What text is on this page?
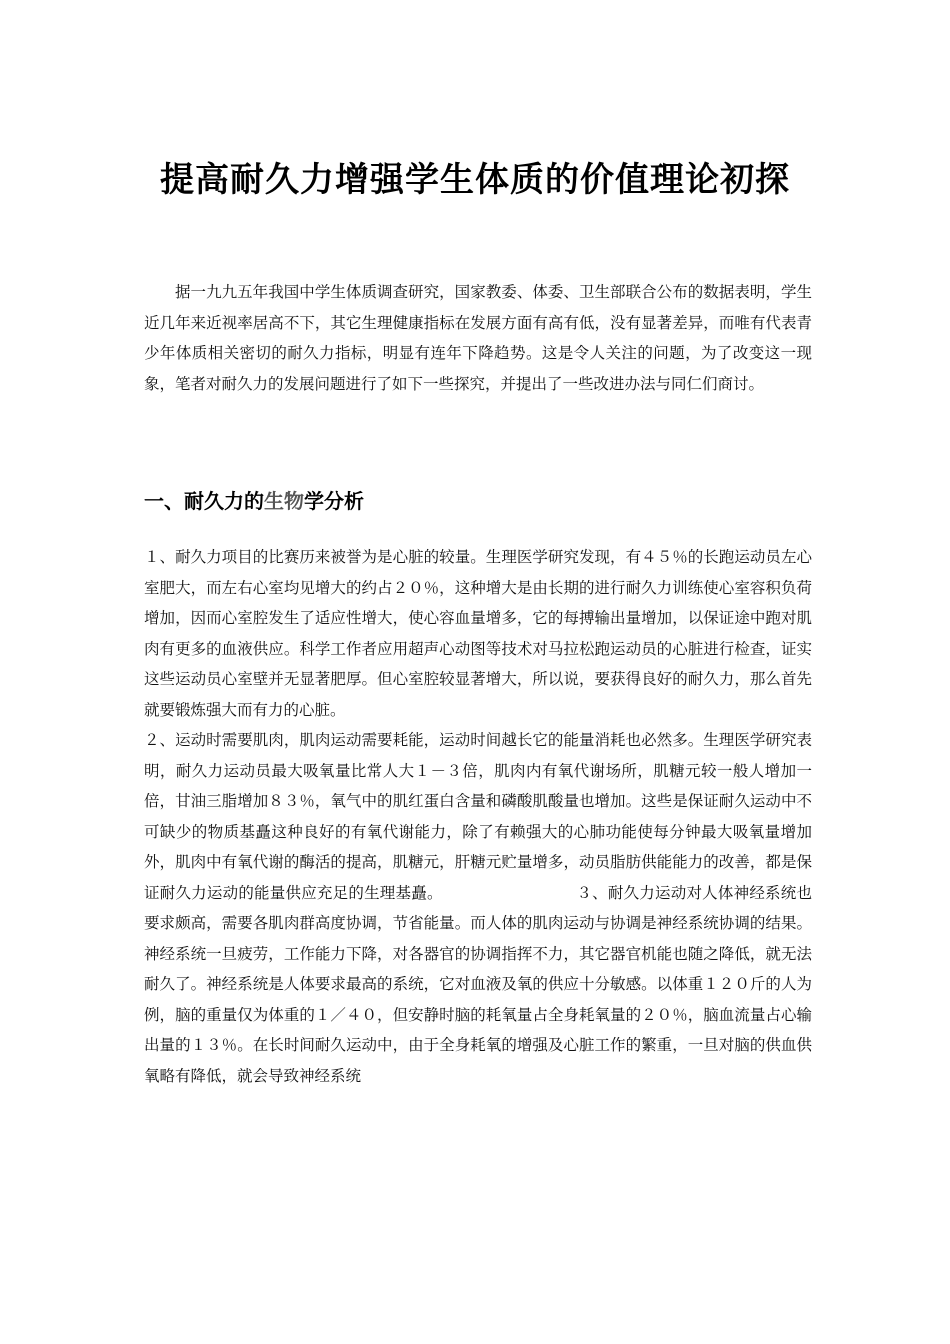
提高耐久力增强学生体质的价值理论初探
据一九九五年我国中学生体质调查研究，国家教委、体委、卫生部联合公布的数据表明，学生近几年来近视率居高不下，其它生理健康指标在发展方面有高有低，没有显著差异，而唯有代表青少年体质相关密切的耐久力指标，明显有连年下降趋势。这是令人关注的问题，为了改变这一现象，笔者对耐久力的发展问题进行了如下一些探究，并提出了一些改进办法与同仁们商讨。
一、耐久力的生物学分析

１、耐久力项目的比赛历来被誉为是心脏的较量。生理医学研究发现，有４５％的长跑运动员左心室肥大，而左右心室均见增大的约占２０％，这种增大是由长期的进行耐久力训练使心室容积负荷增加，因而心室腔发生了适应性增大，使心容血量增多，它的每搏输出量增加，以保证途中跑对肌肉有更多的血液供应。科学工作者应用超声心动图等技术对马拉松跑运动员的心脏进行检查，证实这些运动员心室壁并无显著肥厚。但心室腔较显著增大，所以说，要获得良好的耐久力，那么首先就要锻炼强大而有力的心脏。

２、运动时需要肌肉，肌肉运动需要耗能，运动时间越长它的能量消耗也必然多。生理医学研究表明，耐久力运动员最大吸氧量比常人大１－３倍，肌肉内有氧代谢场所，肌糖元较一般人增加一倍，甘油三脂增加８３％，氧气中的肌红蛋白含量和磷酸肌酸量也增加。这些是保证耐久运动中不可缺少的物质基矗这种良好的有氧代谢能力，除了有赖强大的心肺功能使每分钟最大吸氧量增加外，肌肉中有氧代谢的酶活的提高，肌糖元，肝糖元贮量增多，动员脂肪供能能力的改善，都是保证耐久力运动的能量供应充足的生理基矗。　　　　　　　　　３、耐久力运动对人体神经系统也要求颇高，需要各肌肉群高度协调，节省能量。而人体的肌肉运动与协调是神经系统协调的结果。神经系统一旦疲劳，工作能力下降，对各器官的协调指挥不力，其它器官机能也随之降低，就无法耐久了。神经系统是人体要求最高的系统，它对血液及氧的供应十分敏感。以体重１２０斤的人为例，脑的重量仅为体重的１／４０，但安静时脑的耗氧量占全身耗氧量的２０％，脑血流量占心输出量的１３％。在长时间耐久运动中，由于全身耗氧的增强及心脏工作的繁重，一旦对脑的供血供氧略有降低，就会导致神经系统
